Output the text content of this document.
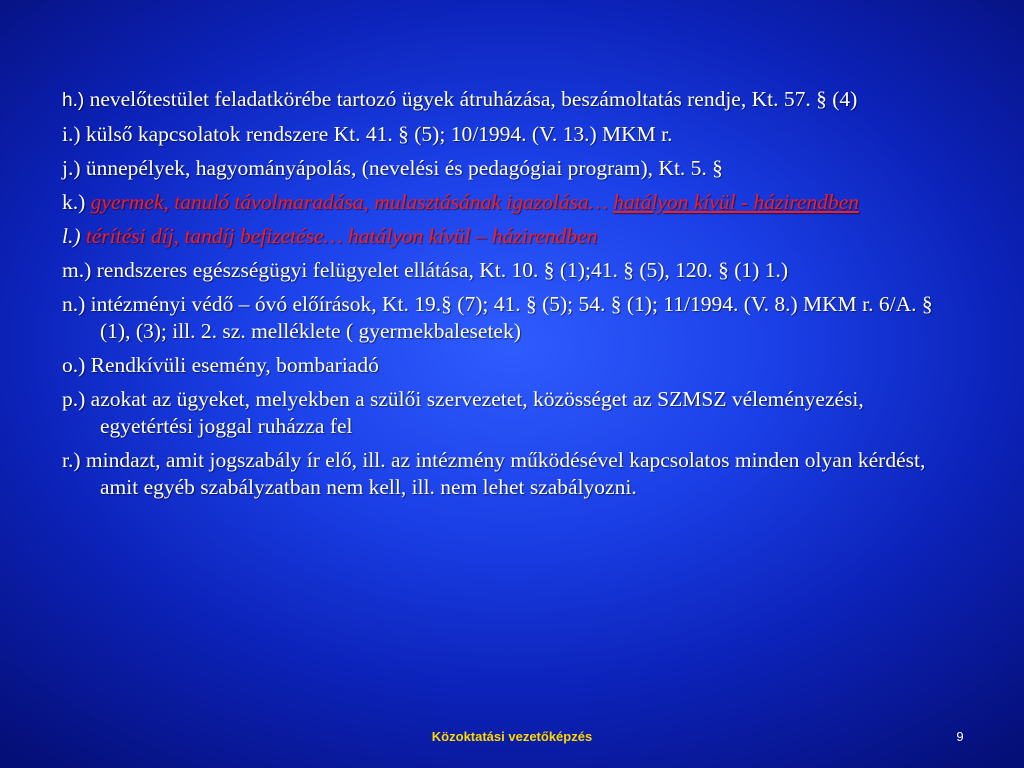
h.) nevelőtestület feladatkörébe tartozó ügyek átruházása, beszámoltatás rendje, Kt. 57. § (4)
i.) külső kapcsolatok rendszere Kt. 41. § (5); 10/1994. (V. 13.) MKM r.
j.) ünnepélyek, hagyományápolás, (nevelési és pedagógiai program), Kt. 5. §
k.) gyermek, tanuló távolmaradása, mulasztásának igazolása… hatályon kívül - házirendben
l.) térítési díj, tandíj befizetése… hatályon kívül – házirendben
m.) rendszeres egészségügyi felügyelet ellátása, Kt. 10. § (1);41. § (5), 120. § (1) 1.)
n.) intézményi védő – óvó előírások, Kt. 19.§ (7); 41. § (5); 54. § (1); 11/1994. (V. 8.) MKM r. 6/A. § (1), (3); ill. 2. sz. melléklete ( gyermekbalesetek)
o.) Rendkívüli esemény, bombariadó
p.) azokat az ügyeket, melyekben a szülői szervezetet, közösséget az SZMSZ véleményezési, egyetértési joggal ruházza fel
r.) mindazt, amit jogszabály ír elő, ill. az intézmény működésével kapcsolatos minden olyan kérdést, amit egyéb szabályzatban nem kell, ill. nem lehet szabályozni.
Közoktatási vezetőképzés	9
